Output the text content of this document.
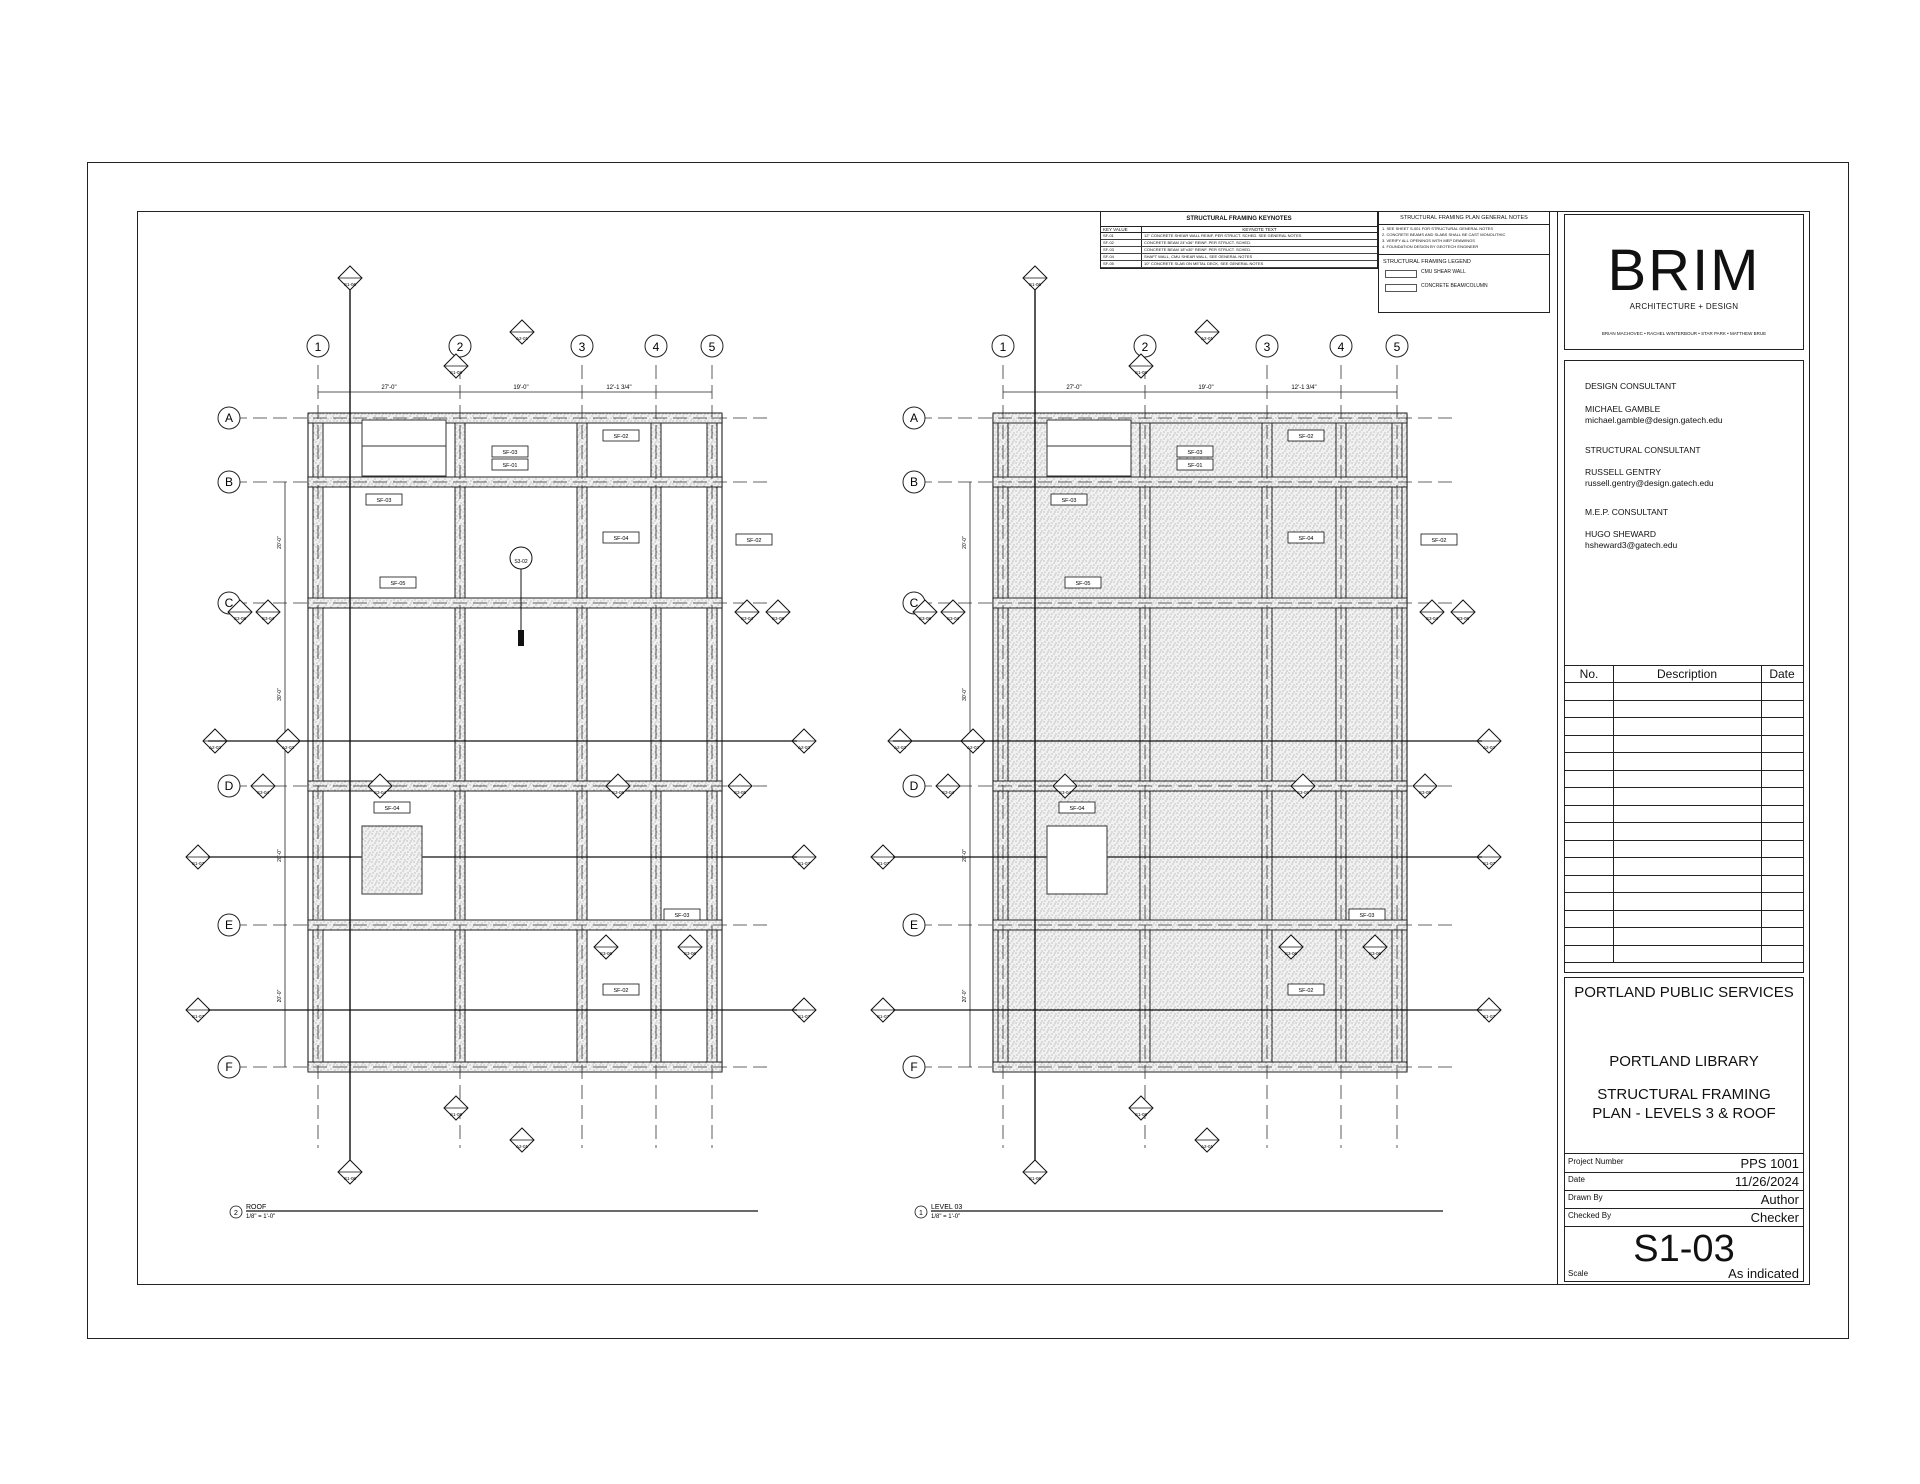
1	2	3	4	5
A
B
C
D
E
F
27'-0"	19'-0"	12'-1 3/4"
20'-0"
30'-0"
20'-0"
20'-0"
S1-06
S1-06
S1-08
A2-01
S1-08
A2-01
A2-02	A2-02
A2-02
S1-07	S1-07
S1-07	S1-07
S3-04	S3-05	S3-05
S3-04
S3-08	S3-04	S3-04	S3-08
S3-06	S3-06
SF-03
SF-01
SF-02
SF-03
SF-04	SF-02
SF-05
SF-04
SF-03
SF-02
2
ROOF
1/8" = 1'-0"
1	2	3	4	5
A
B
C
D
E
F
27'-0"	19'-0"	12'-1 3/4"
20'-0"
30'-0"
20'-0"
20'-0"
S1-06
S1-06
S1-08
A2-01
S1-08
A2-01
A2-02	A2-02
A2-02
S1-07	S1-07
S1-07	S1-07
S3-04	S3-05	S3-05
S3-04
S3-08	S3-04	S3-04	S3-08
S3-06	S3-06
SF-03
SF-01
SF-02
SF-03
SF-04	SF-02
SF-05
SF-04
SF-03
SF-02
1
LEVEL 03
1/8" = 1'-0"
S3-02
STRUCTURAL FRAMING KEYNOTES
KEY VALUE	KEYNOTE TEXT
SF-01	12" CONCRETE SHEAR WALL REINF. PER STRUCT. SCHED. SEE GENERAL NOTES
SF-02	CONCRETE BEAM 24"x36" REINF. PER STRUCT. SCHED.
SF-03	CONCRETE BEAM 18"x30" REINF. PER STRUCT. SCHED.
SF-04	SHAFT WALL, CMU SHEAR WALL, SEE GENERAL NOTES
SF-05	10" CONCRETE SLAB ON METAL DECK, SEE GENERAL NOTES
STRUCTURAL FRAMING PLAN GENERAL NOTES
1. SEE SHEET S-001 FOR STRUCTURAL GENERAL NOTES
2. CONCRETE BEAMS AND SLABS SHALL BE CAST MONOLITHIC
3. VERIFY ALL OPENINGS WITH MEP DRAWINGS
4. FOUNDATION DESIGN BY GEOTECH ENGINEER
STRUCTURAL FRAMING LEGEND
CMU SHEAR WALL
CONCRETE BEAM/COLUMN	BRIM
ARCHITECTURE + DESIGN
BRIAN MACHOVEC • RACHEL WINTERBOUR • STAR PARK • MATTHEW BRUE
DESIGN CONSULTANT
MICHAEL GAMBLE
michael.gamble@design.gatech.edu
STRUCTURAL CONSULTANT
RUSSELL GENTRY
russell.gentry@design.gatech.edu
M.E.P. CONSULTANT
HUGO SHEWARD
hsheward3@gatech.edu
No.	Description	Date
PORTLAND PUBLIC SERVICES
PORTLAND LIBRARY
STRUCTURAL FRAMING PLAN - LEVELS 3 & ROOF
Project Number	PPS 1001
Date	11/26/2024
Drawn By	Author
Checked By	Checker
S1-03
Scale	As indicated
